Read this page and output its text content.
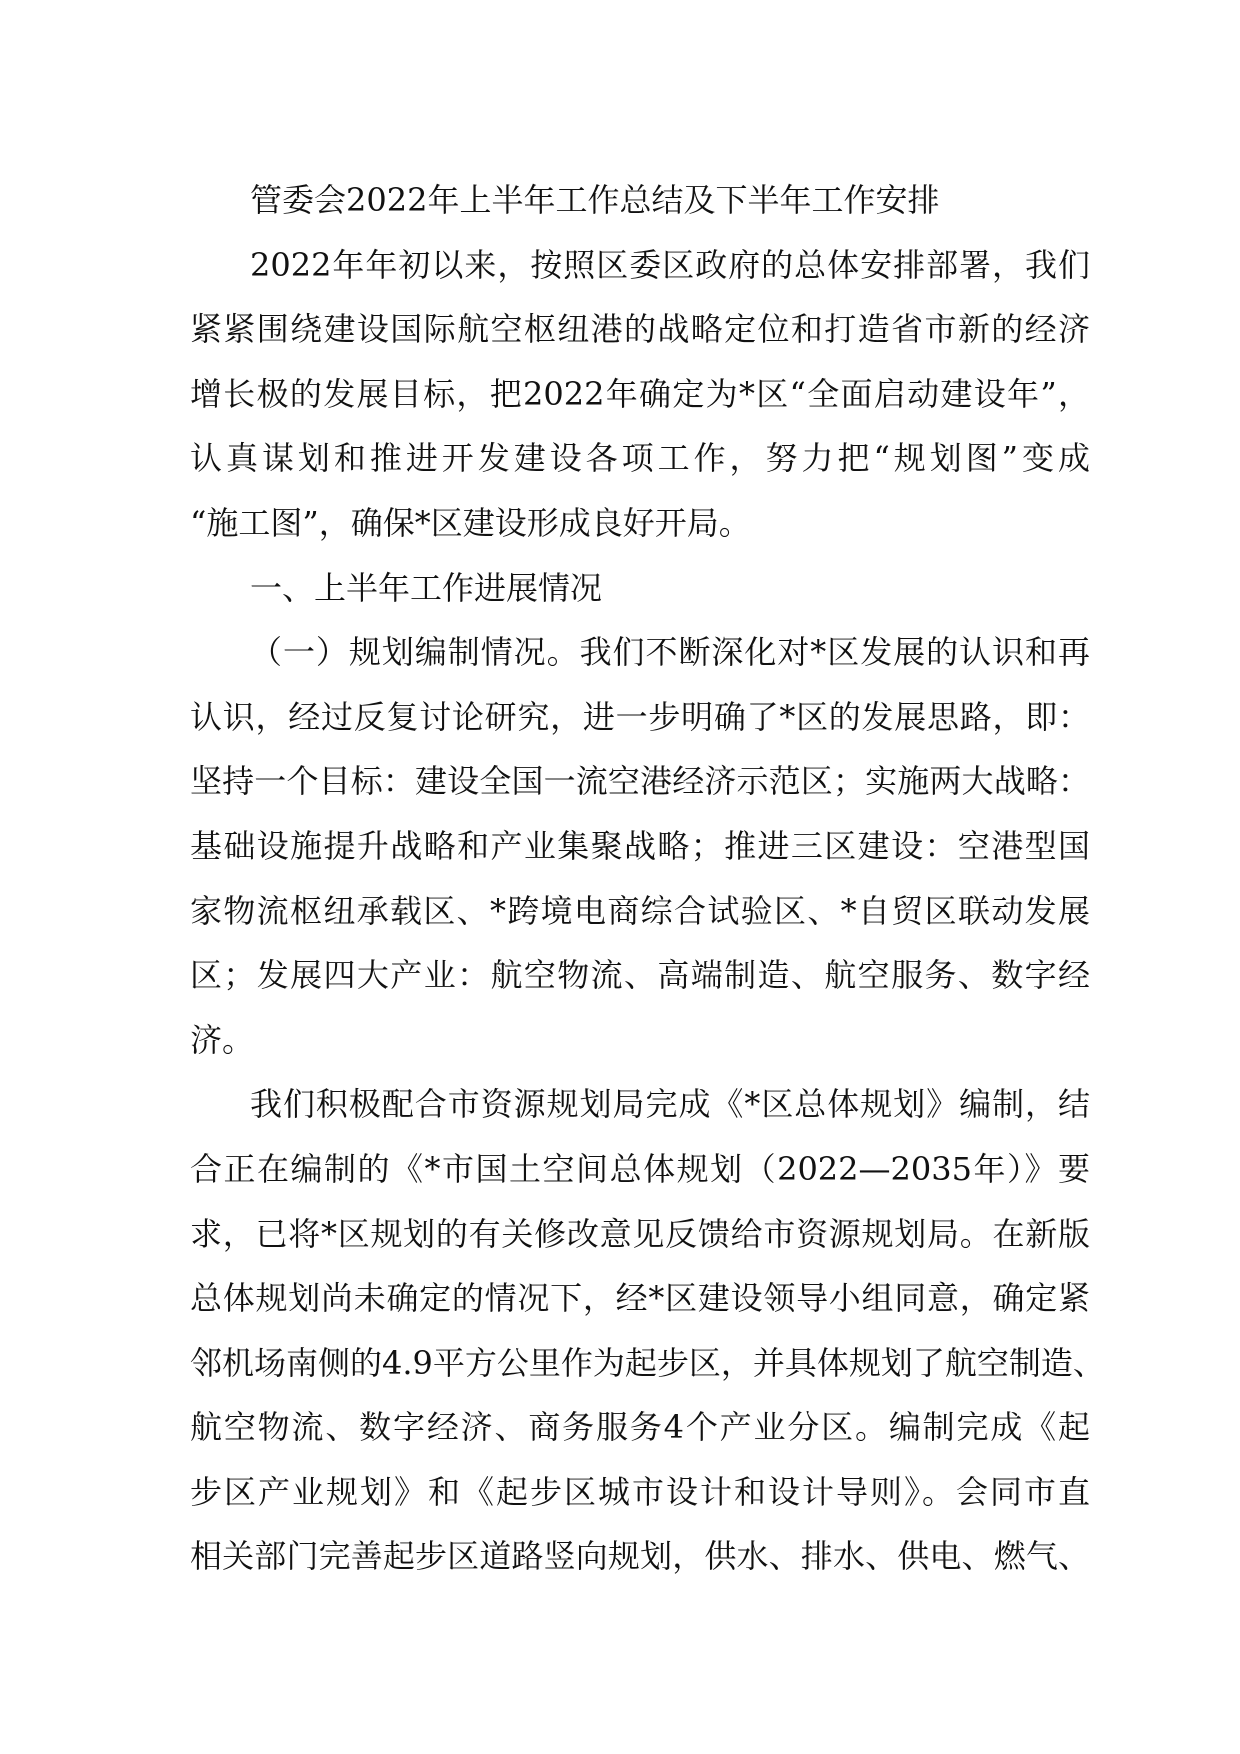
管委会2022年上半年工作总结及下半年工作安排
2022年年初以来，按照区委区政府的总体安排部署，我们
紧紧围绕建设国际航空枢纽港的战略定位和打造省市新的经济
增长极的发展目标，把2022年确定为*区“全面启动建设年”，
认真谋划和推进开发建设各项工作，努力把“规划图”变成
“施工图”，确保*区建设形成良好开局。
一、上半年工作进展情况
（一）规划编制情况。我们不断深化对*区发展的认识和再
认识，经过反复讨论研究，进一步明确了*区的发展思路，即：
坚持一个目标：建设全国一流空港经济示范区；实施两大战略：
基础设施提升战略和产业集聚战略；推进三区建设：空港型国
家物流枢纽承载区、*跨境电商综合试验区、*自贸区联动发展
区；发展四大产业：航空物流、高端制造、航空服务、数字经
济。
我们积极配合市资源规划局完成《*区总体规划》编制，结
合正在编制的《*市国土空间总体规划（2022—2035年）》要
求，已将*区规划的有关修改意见反馈给市资源规划局。在新版
总体规划尚未确定的情况下，经*区建设领导小组同意，确定紧
邻机场南侧的4.9平方公里作为起步区，并具体规划了航空制造、
航空物流、数字经济、商务服务4个产业分区。编制完成《起
步区产业规划》和《起步区城市设计和设计导则》。会同市直
相关部门完善起步区道路竖向规划，供水、排水、供电、燃气、
